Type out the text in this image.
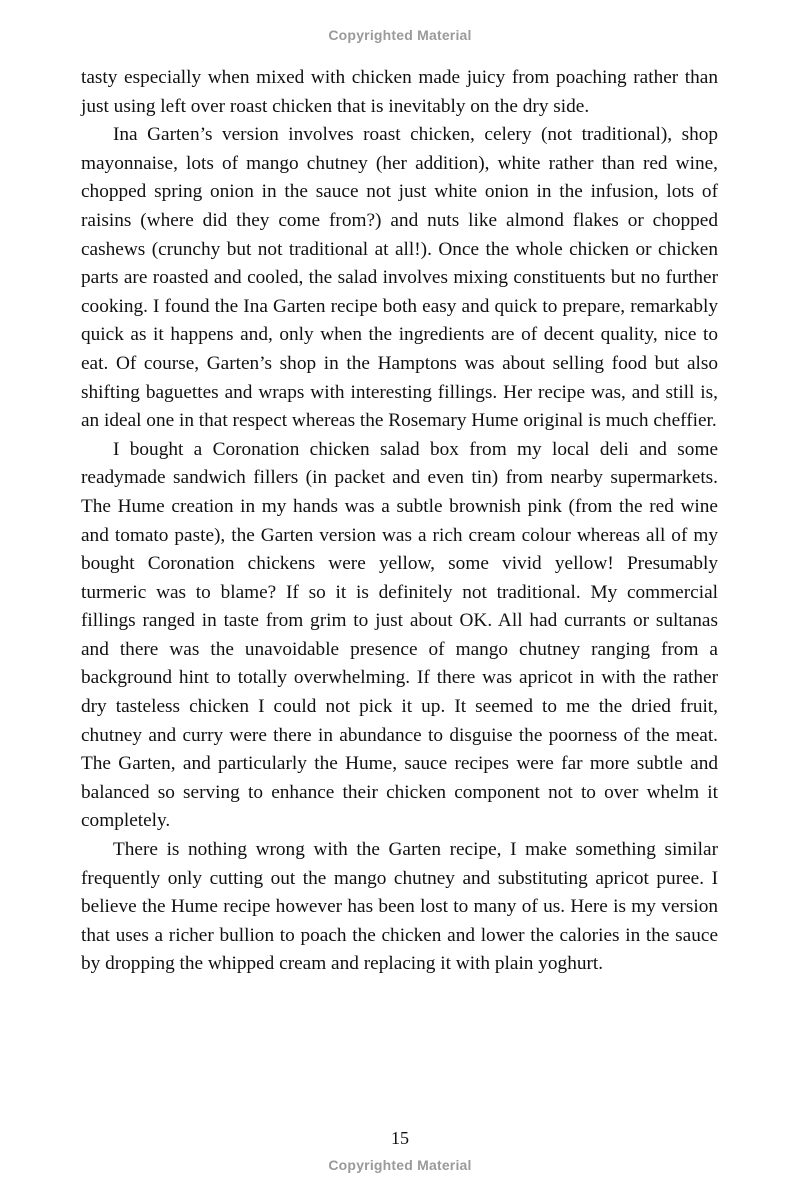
Copyrighted Material

tasty especially when mixed with chicken made juicy from poaching rather than just using left over roast chicken that is inevitably on the dry side.

Ina Garten’s version involves roast chicken, celery (not traditional), shop mayonnaise, lots of mango chutney (her addition), white rather than red wine, chopped spring onion in the sauce not just white onion in the infusion, lots of raisins (where did they come from?) and nuts like almond flakes or chopped cashews (crunchy but not traditional at all!). Once the whole chicken or chicken parts are roasted and cooled, the salad involves mixing constituents but no further cooking. I found the Ina Garten recipe both easy and quick to prepare, remarkably quick as it happens and, only when the ingredients are of decent quality, nice to eat. Of course, Garten’s shop in the Hamptons was about selling food but also shifting baguettes and wraps with interesting fillings. Her recipe was, and still is, an ideal one in that respect whereas the Rosemary Hume original is much cheffier.

I bought a Coronation chicken salad box from my local deli and some readymade sandwich fillers (in packet and even tin) from nearby supermarkets. The Hume creation in my hands was a subtle brownish pink (from the red wine and tomato paste), the Garten version was a rich cream colour whereas all of my bought Coronation chickens were yellow, some vivid yellow! Presumably turmeric was to blame? If so it is definitely not traditional. My commercial fillings ranged in taste from grim to just about OK. All had currants or sultanas and there was the unavoidable presence of mango chutney ranging from a background hint to totally overwhelming. If there was apricot in with the rather dry tasteless chicken I could not pick it up. It seemed to me the dried fruit, chutney and curry were there in abundance to disguise the poorness of the meat. The Garten, and particularly the Hume, sauce recipes were far more subtle and balanced so serving to enhance their chicken component not to over whelm it completely.

There is nothing wrong with the Garten recipe, I make something similar frequently only cutting out the mango chutney and substituting apricot puree. I believe the Hume recipe however has been lost to many of us. Here is my version that uses a richer bullion to poach the chicken and lower the calories in the sauce by dropping the whipped cream and replacing it with plain yoghurt.

15
Copyrighted Material
